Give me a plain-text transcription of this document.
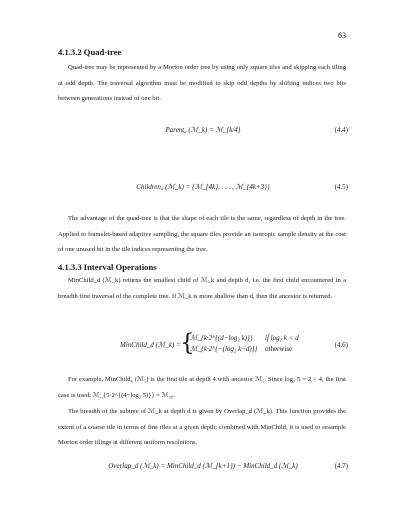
63
4.1.3.2 Quad-tree
Quad-tree may be represented by a Morton order tree by using only square tiles and skipping each tiling at odd depth. The traversal algorithm must be modified to skip odd depths by shifting indices two bits between generations instead of one bit.
Parent₄ (ℳ_k) = ℳ_{k/4}	(4.4)
Children₄ (ℳ_k) = {ℳ_{4k}, . . . , ℳ_{4k+3}}	(4.5)
The advantage of the quad-tree is that the shape of each tile is the same, regardless of depth in the tree. Applied to framelet-based adaptive sampling, the square tiles provide an isotropic sample density at the cost of one unused bit in the tile indices representing the tree.
4.1.3.3 Interval Operations
MinChild_d (ℳ_k) returns the smallest child of ℳ_k and depth d, i.e. the first child encountered in a breadth first traversal of the complete tree. If ℳ_k is more shallow than d, then the ancestor is returned.
MinChild_d (ℳ_k) = {
ℳ_{k·2^{(d−log₂ k)}} if log₂ k < d
ℳ_{k·2^{−(log₂ k−d)}} otherwise	(4.6)
For example, MinChild₄ (ℳ₅) is the first tile at depth 4 with ancestor ℳ₅. Since log₂ 5 = 2 < 4, the first case is used: ℳ_{5·2^{(4−log₂ 5)}} = ℳ₂₀.
The breadth of the subtree of ℳ_k at depth d is given by Overlap_d (ℳ_k). This function provides the extent of a coarse tile in terms of fine tiles at a given depth; combined with MinChild, it is used to resample Morton order tilings at different uniform resolutions.
Overlap_d (ℳ_k) = MinChild_d (ℳ_{k+1}) − MinChild_d (ℳ_k)	(4.7)
